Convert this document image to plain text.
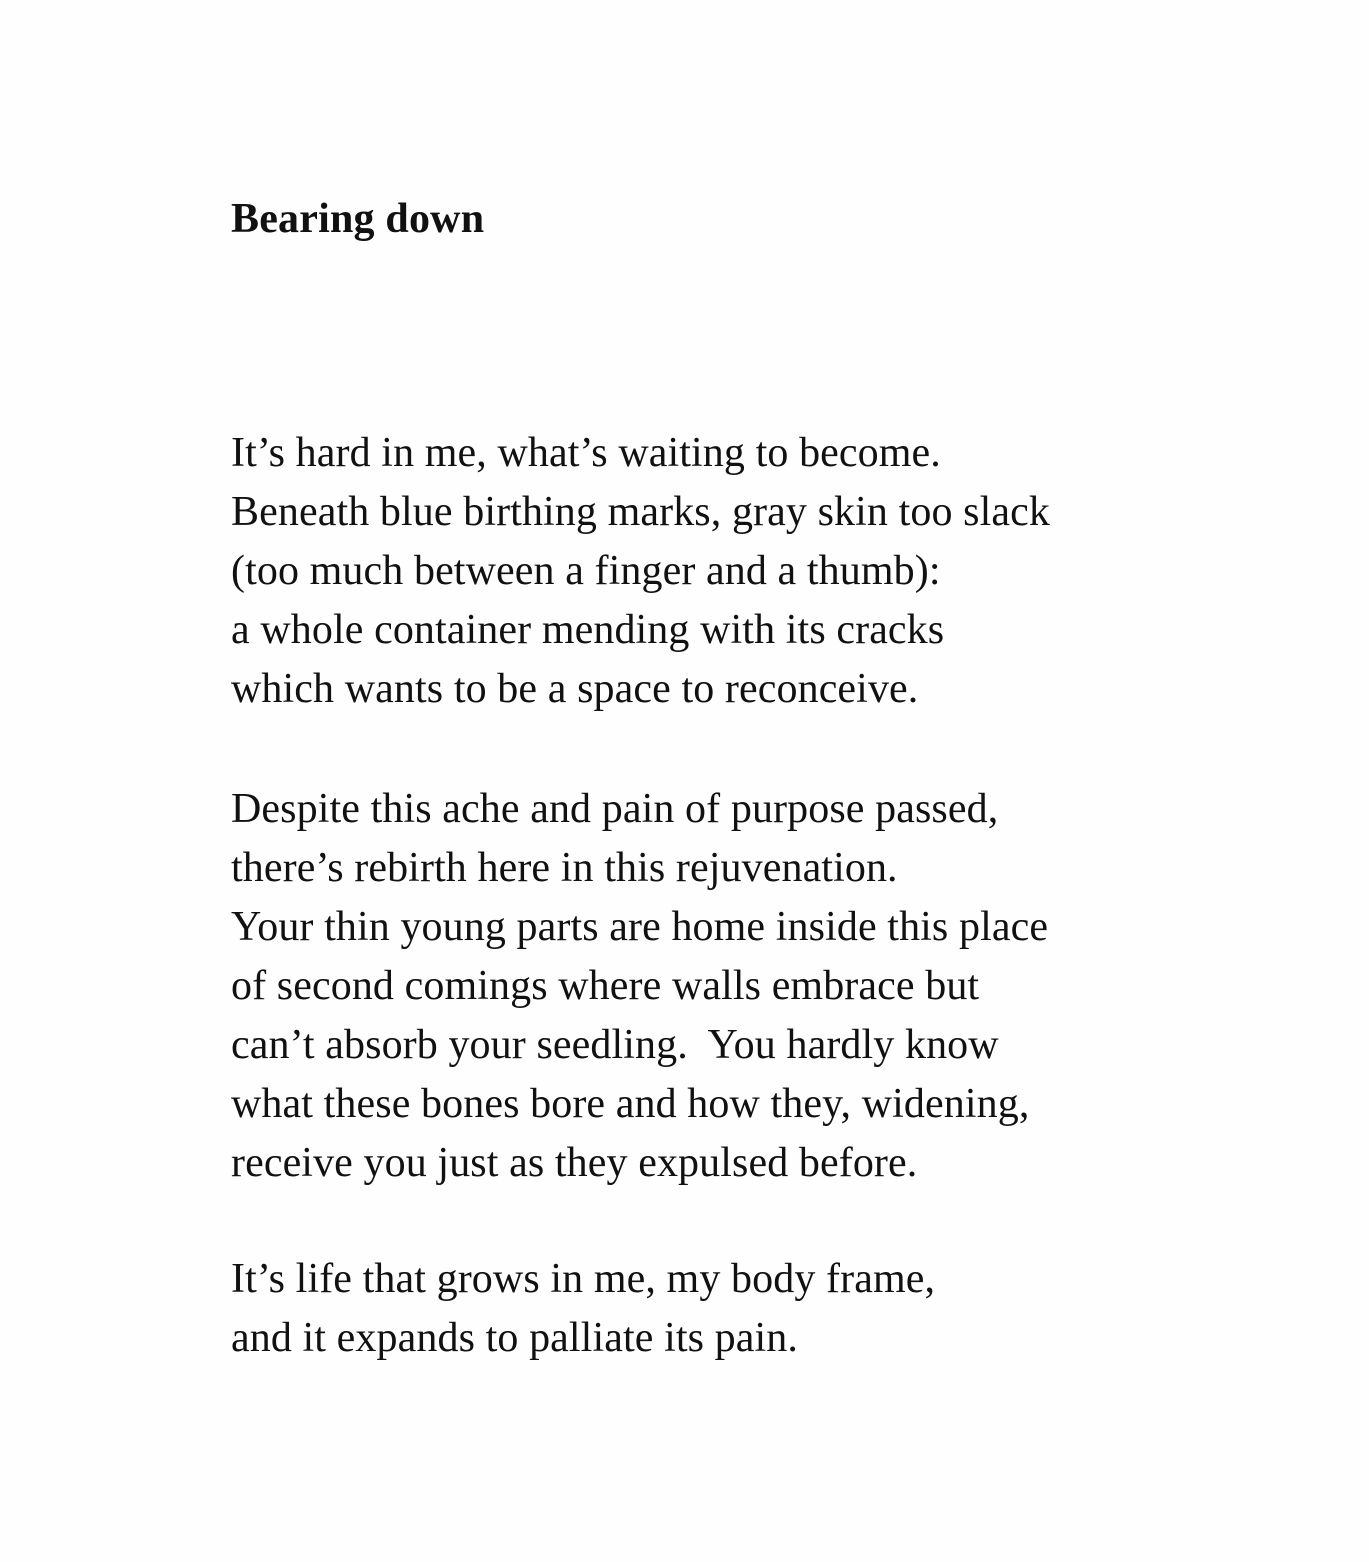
Bearing down
It’s hard in me, what’s waiting to become.
Beneath blue birthing marks, gray skin too slack
(too much between a finger and a thumb):
a whole container mending with its cracks
which wants to be a space to reconceive.
Despite this ache and pain of purpose passed,
there’s rebirth here in this rejuvenation.
Your thin young parts are home inside this place
of second comings where walls embrace but
can’t absorb your seedling.  You hardly know
what these bones bore and how they, widening,
receive you just as they expulsed before.
It’s life that grows in me, my body frame,
and it expands to palliate its pain.
